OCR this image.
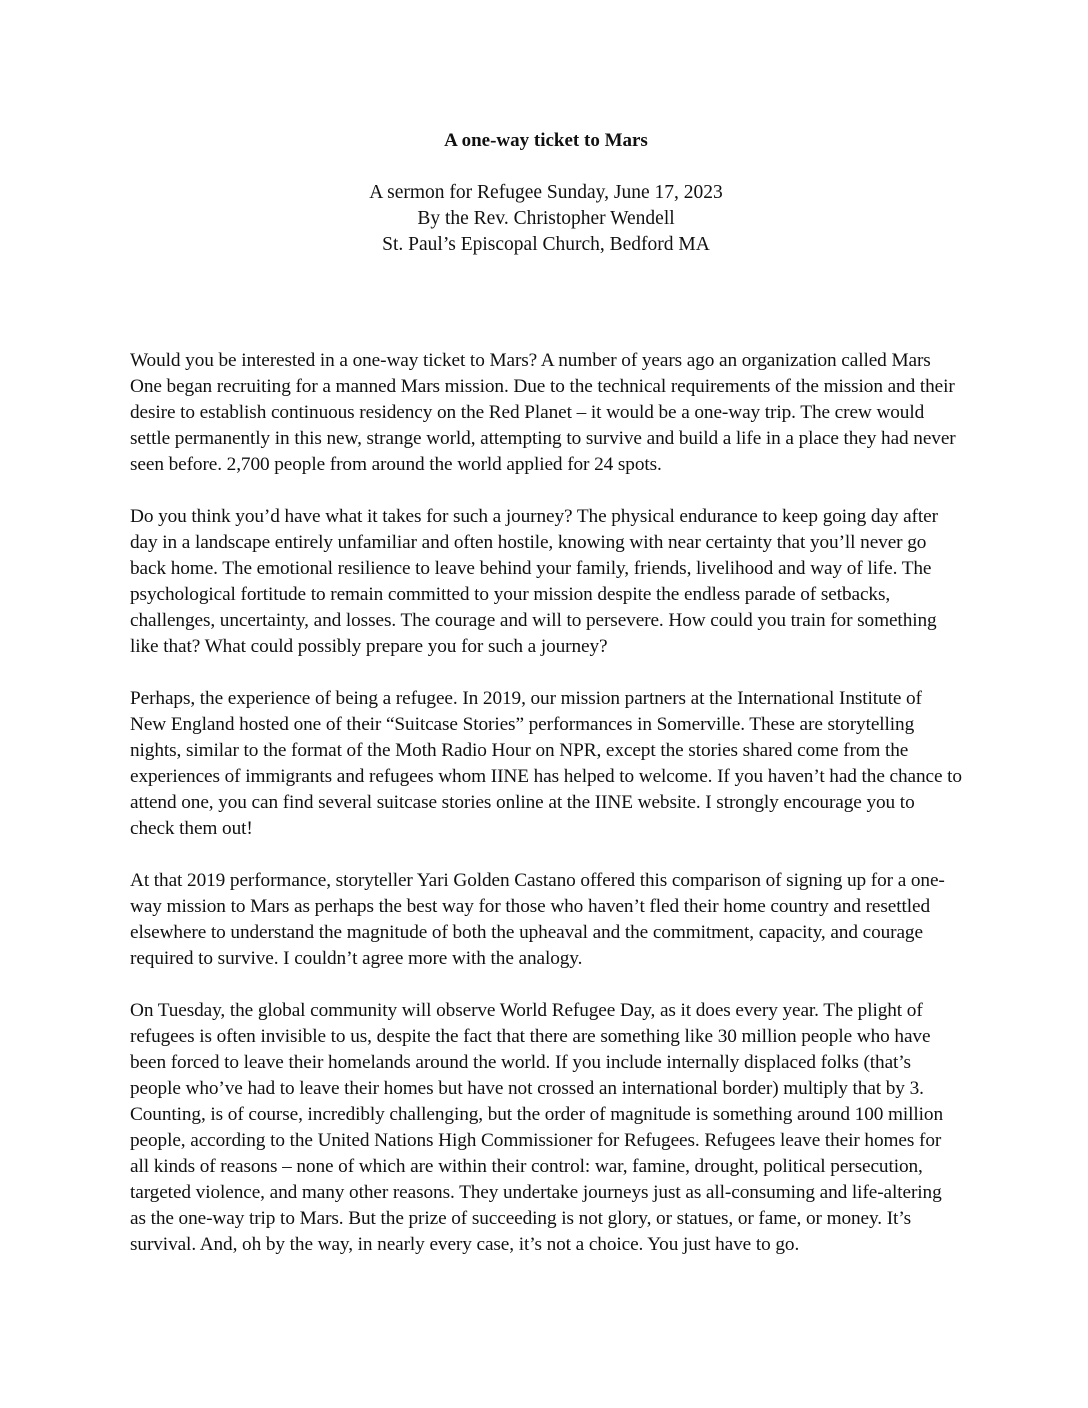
A one-way ticket to Mars
A sermon for Refugee Sunday, June 17, 2023
By the Rev. Christopher Wendell
St. Paul’s Episcopal Church, Bedford MA

Would you be interested in a one-way ticket to Mars? A number of years ago an organization called Mars One began recruiting for a manned Mars mission. Due to the technical requirements of the mission and their desire to establish continuous residency on the Red Planet – it would be a one-way trip. The crew would settle permanently in this new, strange world, attempting to survive and build a life in a place they had never seen before. 2,700 people from around the world applied for 24 spots.

Do you think you’d have what it takes for such a journey? The physical endurance to keep going day after day in a landscape entirely unfamiliar and often hostile, knowing with near certainty that you’ll never go back home. The emotional resilience to leave behind your family, friends, livelihood and way of life. The psychological fortitude to remain committed to your mission despite the endless parade of setbacks, challenges, uncertainty, and losses. The courage and will to persevere. How could you train for something like that? What could possibly prepare you for such a journey?

Perhaps, the experience of being a refugee. In 2019, our mission partners at the International Institute of New England hosted one of their “Suitcase Stories” performances in Somerville. These are storytelling nights, similar to the format of the Moth Radio Hour on NPR, except the stories shared come from the experiences of immigrants and refugees whom IINE has helped to welcome. If you haven’t had the chance to attend one, you can find several suitcase stories online at the IINE website. I strongly encourage you to check them out!

At that 2019 performance, storyteller Yari Golden Castano offered this comparison of signing up for a one-way mission to Mars as perhaps the best way for those who haven’t fled their home country and resettled elsewhere to understand the magnitude of both the upheaval and the commitment, capacity, and courage required to survive. I couldn’t agree more with the analogy.

On Tuesday, the global community will observe World Refugee Day, as it does every year. The plight of refugees is often invisible to us, despite the fact that there are something like 30 million people who have been forced to leave their homelands around the world. If you include internally displaced folks (that’s people who’ve had to leave their homes but have not crossed an international border) multiply that by 3. Counting, is of course, incredibly challenging, but the order of magnitude is something around 100 million people, according to the United Nations High Commissioner for Refugees. Refugees leave their homes for all kinds of reasons – none of which are within their control: war, famine, drought, political persecution, targeted violence, and many other reasons. They undertake journeys just as all-consuming and life-altering as the one-way trip to Mars. But the prize of succeeding is not glory, or statues, or fame, or money. It’s survival. And, oh by the way, in nearly every case, it’s not a choice. You just have to go.
